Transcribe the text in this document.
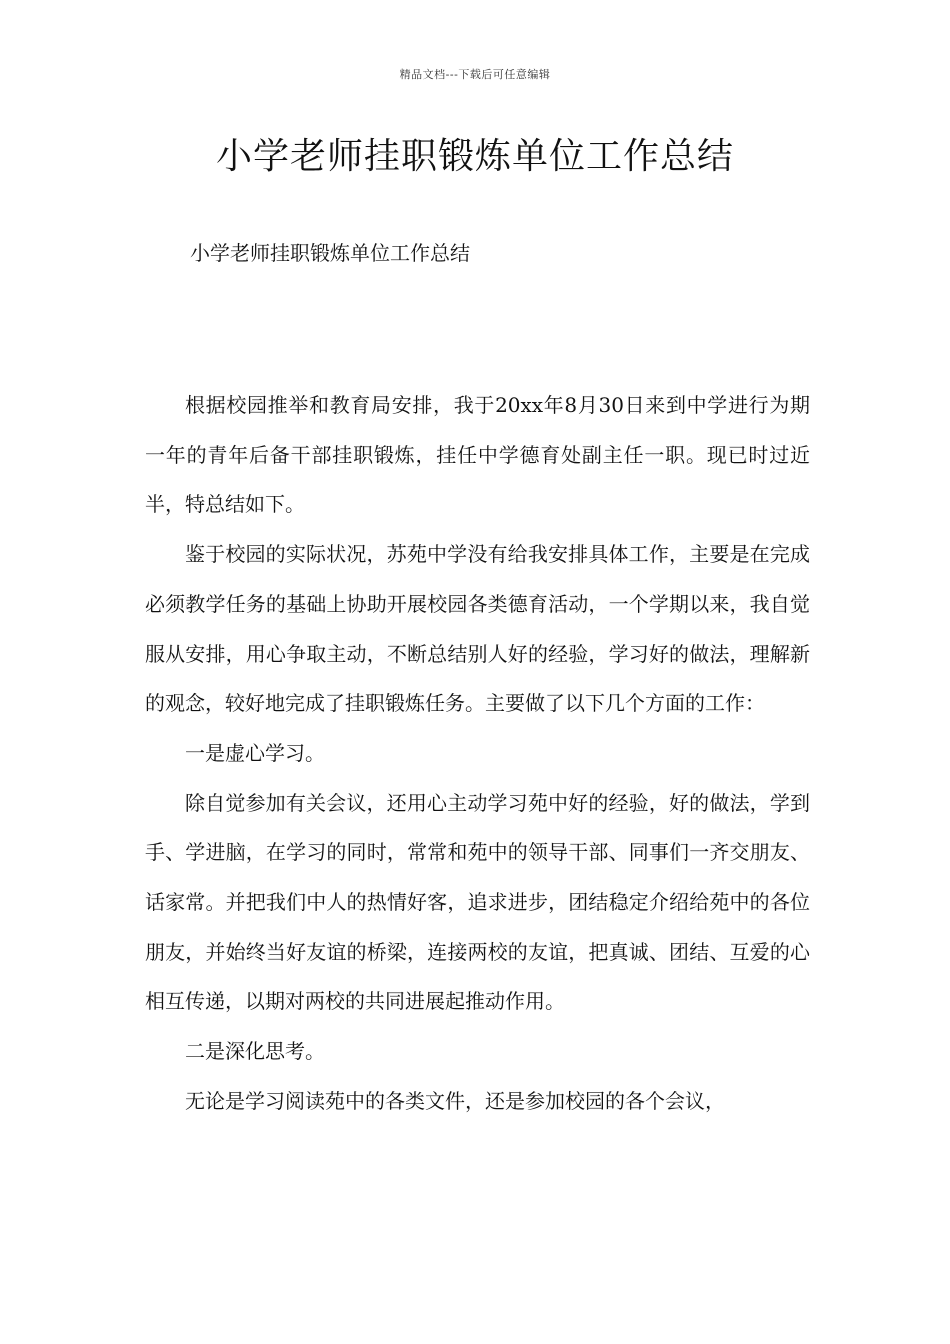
精品文档---下载后可任意编辑
小学老师挂职锻炼单位工作总结
小学老师挂职锻炼单位工作总结

根据校园推举和教育局安排，我于20xx年8月30日来到中学进行为期一年的青年后备干部挂职锻炼，挂任中学德育处副主任一职。现已时过近半，特总结如下。

鉴于校园的实际状况，苏苑中学没有给我安排具体工作，主要是在完成必须教学任务的基础上协助开展校园各类德育活动，一个学期以来，我自觉服从安排，用心争取主动，不断总结别人好的经验，学习好的做法，理解新的观念，较好地完成了挂职锻炼任务。主要做了以下几个方面的工作：

一是虚心学习。

除自觉参加有关会议，还用心主动学习苑中好的经验，好的做法，学到手、学进脑，在学习的同时，常常和苑中的领导干部、同事们一齐交朋友、话家常。并把我们中人的热情好客，追求进步，团结稳定介绍给苑中的各位朋友，并始终当好友谊的桥梁，连接两校的友谊，把真诚、团结、互爱的心相互传递，以期对两校的共同进展起推动作用。

二是深化思考。

无论是学习阅读苑中的各类文件，还是参加校园的各个会议，
